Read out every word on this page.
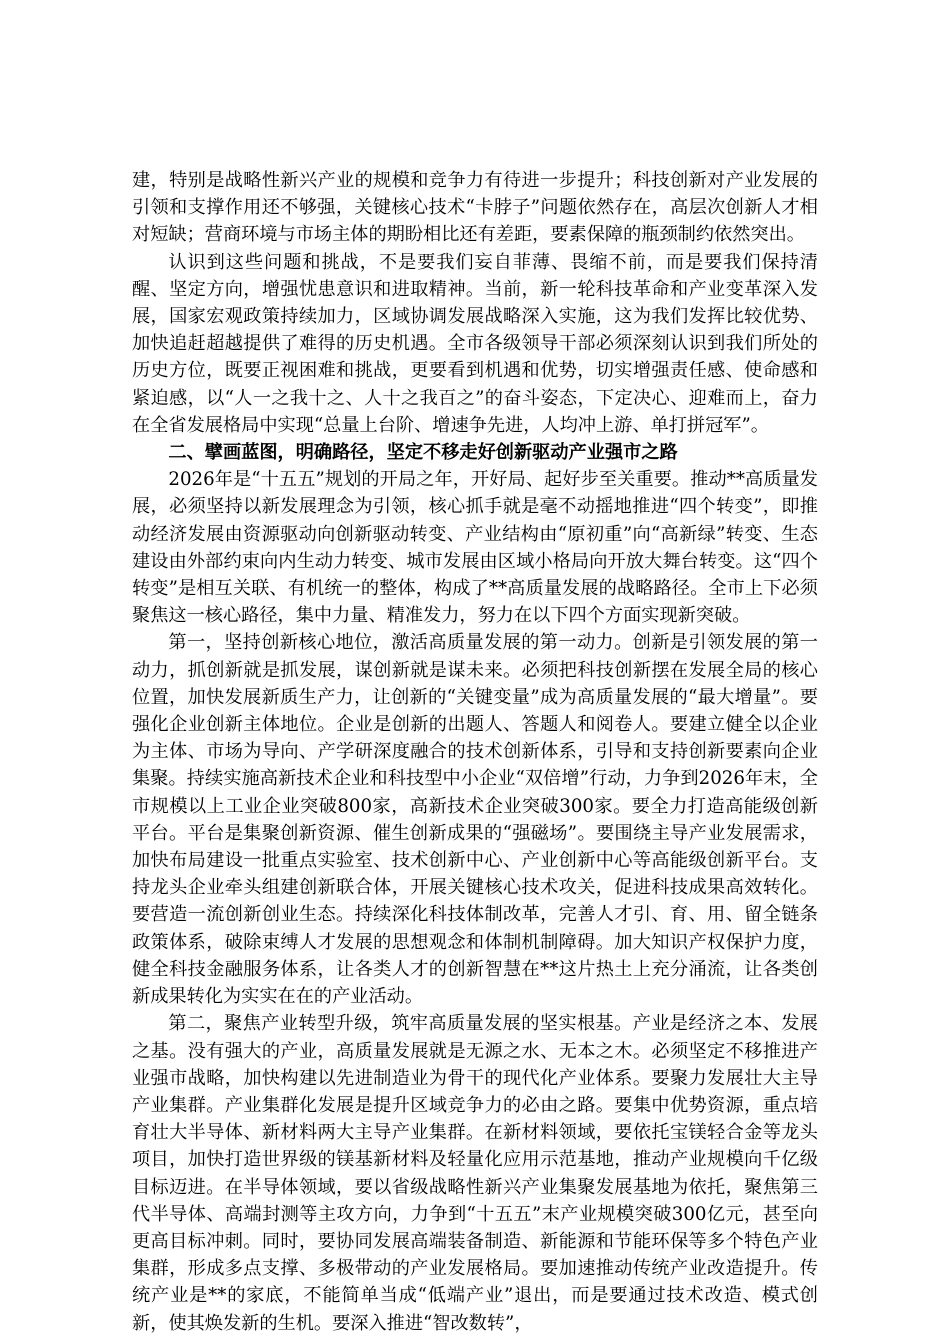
建，特别是战略性新兴产业的规模和竞争力有待进一步提升；科技创新对产业发展的引领和支撑作用还不够强，关键核心技术“卡脖子”问题依然存在，高层次创新人才相对短缺；营商环境与市场主体的期盼相比还有差距，要素保障的瓶颈制约依然突出。

认识到这些问题和挑战，不是要我们妄自菲薄、畏缩不前，而是要我们保持清醒、坚定方向，增强忧患意识和进取精神。当前，新一轮科技革命和产业变革深入发展，国家宏观政策持续加力，区域协调发展战略深入实施，这为我们发挥比较优势、加快追赶超越提供了难得的历史机遇。全市各级领导干部必须深刻认识到我们所处的历史方位，既要正视困难和挑战，更要看到机遇和优势，切实增强责任感、使命感和紧迫感，以“人一之我十之、人十之我百之”的奋斗姿态，下定决心、迎难而上，奋力在全省发展格局中实现“总量上台阶、增速争先进，人均冲上游、单打拼冠军”。

二、擘画蓝图，明确路径，坚定不移走好创新驱动产业强市之路

2026年是“十五五”规划的开局之年，开好局、起好步至关重要。推动**高质量发展，必须坚持以新发展理念为引领，核心抓手就是毫不动摇地推进“四个转变”，即推动经济发展由资源驱动向创新驱动转变、产业结构由“原初重”向“高新绿”转变、生态建设由外部约束向内生动力转变、城市发展由区域小格局向开放大舞台转变。这“四个转变”是相互关联、有机统一的整体，构成了**高质量发展的战略路径。全市上下必须聚焦这一核心路径，集中力量、精准发力，努力在以下四个方面实现新突破。

第一，坚持创新核心地位，激活高质量发展的第一动力。创新是引领发展的第一动力，抓创新就是抓发展，谋创新就是谋未来。必须把科技创新摆在发展全局的核心位置，加快发展新质生产力，让创新的“关键变量”成为高质量发展的“最大增量”。要强化企业创新主体地位。企业是创新的出题人、答题人和阅卷人。要建立健全以企业为主体、市场为导向、产学研深度融合的技术创新体系，引导和支持创新要素向企业集聚。持续实施高新技术企业和科技型中小企业“双倍增”行动，力争到2026年末，全市规模以上工业企业突破800家，高新技术企业突破300家。要全力打造高能级创新平台。平台是集聚创新资源、催生创新成果的“强磁场”。要围绕主导产业发展需求，加快布局建设一批重点实验室、技术创新中心、产业创新中心等高能级创新平台。支持龙头企业牵头组建创新联合体，开展关键核心技术攻关，促进科技成果高效转化。要营造一流创新创业生态。持续深化科技体制改革，完善人才引、育、用、留全链条政策体系，破除束缚人才发展的思想观念和体制机制障碍。加大知识产权保护力度，健全科技金融服务体系，让各类人才的创新智慧在**这片热土上充分涌流，让各类创新成果转化为实实在在的产业活动。

第二，聚焦产业转型升级，筑牢高质量发展的坚实根基。产业是经济之本、发展之基。没有强大的产业，高质量发展就是无源之水、无本之木。必须坚定不移推进产业强市战略，加快构建以先进制造业为骨干的现代化产业体系。要聚力发展壮大主导产业集群。产业集群化发展是提升区域竞争力的必由之路。要集中优势资源，重点培育壮大半导体、新材料两大主导产业集群。在新材料领域，要依托宝镁轻合金等龙头项目，加快打造世界级的镁基新材料及轻量化应用示范基地，推动产业规模向千亿级目标迈进。在半导体领域，要以省级战略性新兴产业集聚发展基地为依托，聚焦第三代半导体、高端封测等主攻方向，力争到“十五五”末产业规模突破300亿元，甚至向更高目标冲刺。同时，要协同发展高端装备制造、新能源和节能环保等多个特色产业集群，形成多点支撑、多极带动的产业发展格局。要加速推动传统产业改造提升。传统产业是**的家底，不能简单当成“低端产业”退出，而是要通过技术改造、模式创新，使其焕发新的生机。要深入推进“智改数转”，
